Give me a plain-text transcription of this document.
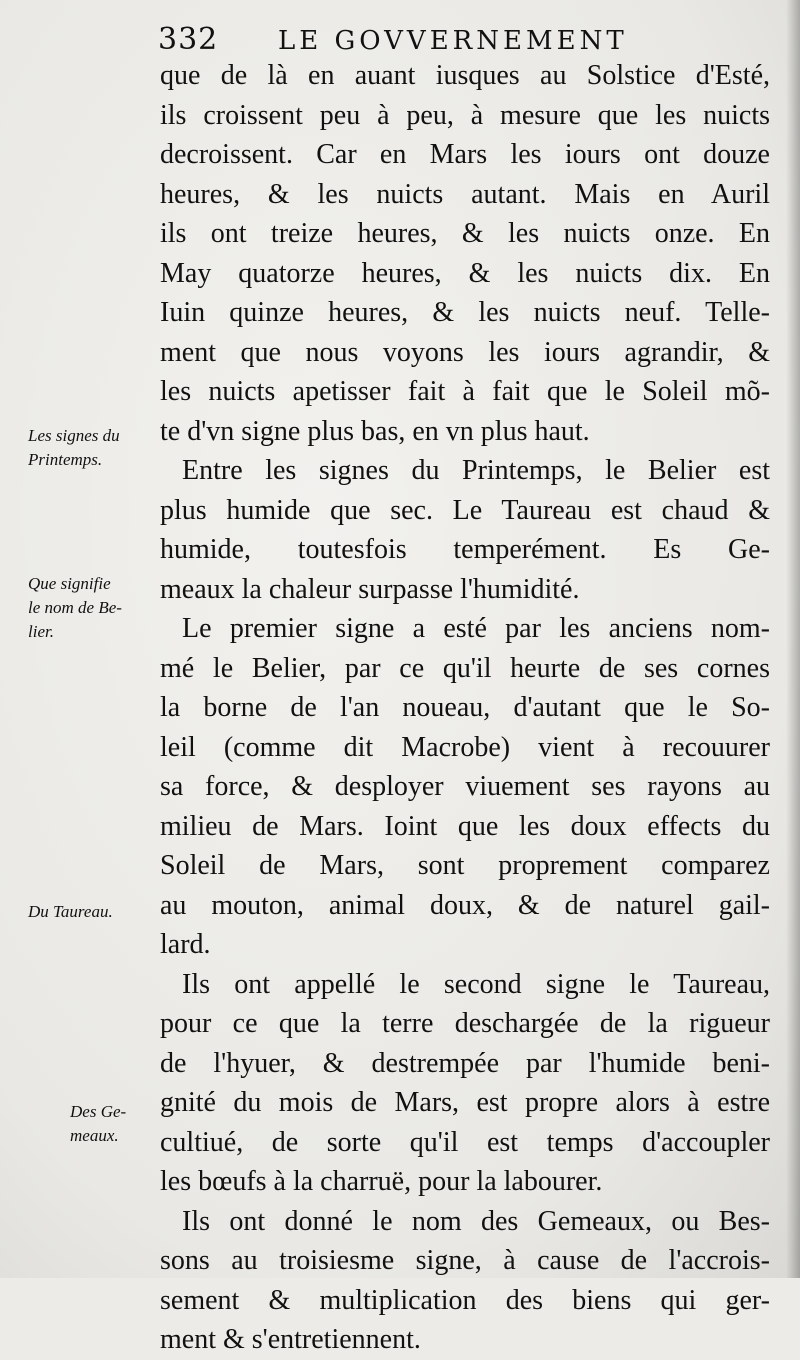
332 LE GOVVERNEMENT
Les signes du
Printemps.
Que signifie
le nom de Be-
lier.
Du Taureau.
Des Ge-
meaux.
que de là en auant iusques au Solstice d'Esté,
ils croissent peu à peu, à mesure que les nuicts
decroissent. Car en Mars les iours ont douze
heures, & les nuicts autant. Mais en Auril
ils ont treize heures, & les nuicts onze. En
May quatorze heures, & les nuicts dix. En
Iuin quinze heures, & les nuicts neuf. Telle-
ment que nous voyons les iours agrandir, &
les nuicts apetisser fait à fait que le Soleil mõ-
te d'vn signe plus bas, en vn plus haut.
Entre les signes du Printemps, le Belier est
plus humide que sec. Le Taureau est chaud &
humide, toutesfois temperément. Es Ge-
meaux la chaleur surpasse l'humidité.
Le premier signe a esté par les anciens nom-
mé le Belier, par ce qu'il heurte de ses cornes
la borne de l'an noueau, d'autant que le So-
leil (comme dit Macrobe) vient à recouurer
sa force, & desployer viuement ses rayons au
milieu de Mars. Ioint que les doux effects du
Soleil de Mars, sont proprement comparez
au mouton, animal doux, & de naturel gail-
lard.
Ils ont appellé le second signe le Taureau,
pour ce que la terre deschargée de la rigueur
de l'hyuer, & destrempée par l'humide beni-
gnité du mois de Mars, est propre alors à estre
cultiué, de sorte qu'il est temps d'accoupler
les bœufs à la charruë, pour la labourer.
Ils ont donné le nom des Gemeaux, ou Bes-
sons au troisiesme signe, à cause de l'accrois-
sement & multiplication des biens qui ger-
ment & s'entretiennent.
